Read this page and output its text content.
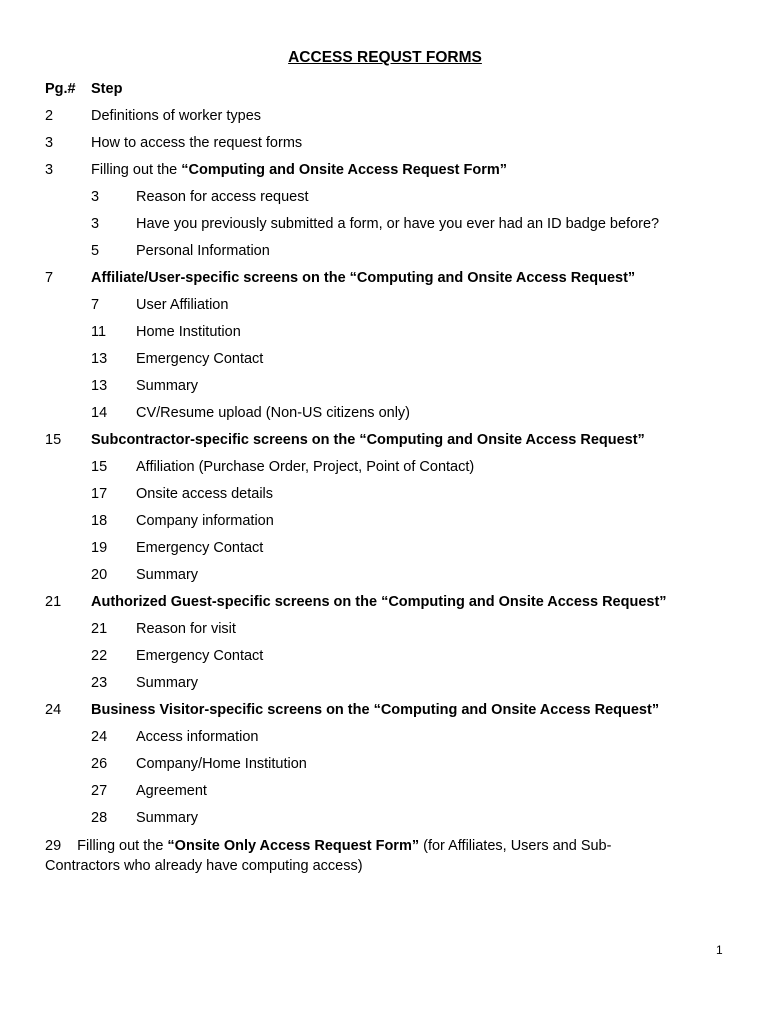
ACCESS REQUST FORMS
Pg.# Step
2	Definitions of worker types
3	How to access the request forms
3	Filling out the “Computing and Onsite Access Request Form”
3	Reason for access request
3	Have you previously submitted a form, or have you ever had an ID badge before?
5	Personal Information
7	Affiliate/User-specific screens on the “Computing and Onsite Access Request”
7	User Affiliation
11 Home Institution
13 Emergency Contact
13 Summary
14 CV/Resume upload (Non-US citizens only)
15 Subcontractor-specific screens on the “Computing and Onsite Access Request”
15 Affiliation (Purchase Order, Project, Point of Contact)
17 Onsite access details
18 Company information
19 Emergency Contact
20 Summary
21 Authorized Guest-specific screens on the “Computing and Onsite Access Request”
21 Reason for visit
22 Emergency Contact
23 Summary
24 Business Visitor-specific screens on the “Computing and Onsite Access Request”
24 Access information
26 Company/Home Institution
27 Agreement
28 Summary
29 Filling out the “Onsite Only Access Request Form” (for Affiliates, Users and Sub-Contractors who already have computing access)
1
